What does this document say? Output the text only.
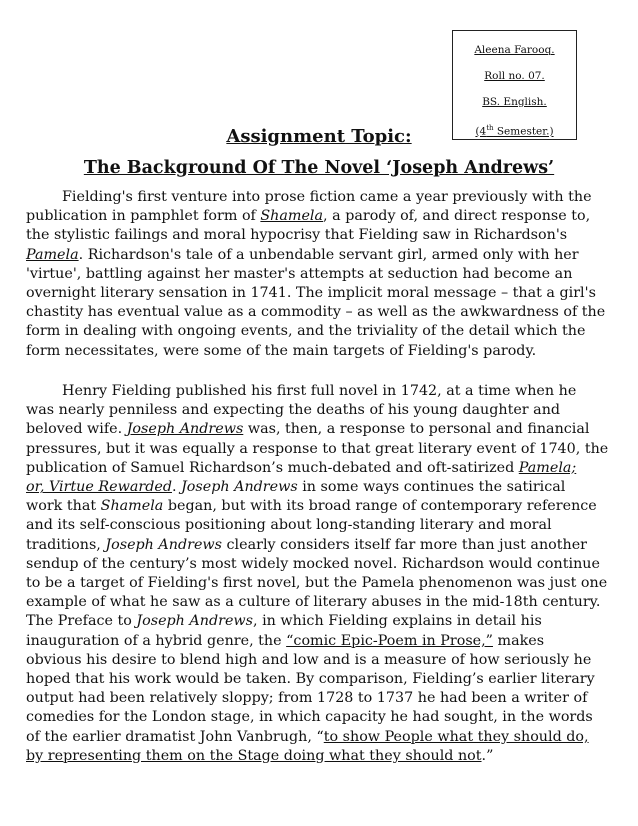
Aleena Farooq.
Roll no. 07.
BS. English.
(4th Semester.)
Assignment Topic:
The Background Of The Novel ‘Joseph Andrews’
Fielding's first venture into prose fiction came a year previously with the
publication in pamphlet form of Shamela, a parody of, and direct response to,
the stylistic failings and moral hypocrisy that Fielding saw in Richardson's
Pamela. Richardson's tale of a unbendable servant girl, armed only with her
'virtue', battling against her master's attempts at seduction had become an
overnight literary sensation in 1741. The implicit moral message – that a girl's
chastity has eventual value as a commodity – as well as the awkwardness of the
form in dealing with ongoing events, and the triviality of the detail which the
form necessitates, were some of the main targets of Fielding's parody.
Henry Fielding published his first full novel in 1742, at a time when he
was nearly penniless and expecting the deaths of his young daughter and
beloved wife. Joseph Andrews was, then, a response to personal and financial
pressures, but it was equally a response to that great literary event of 1740, the
publication of Samuel Richardson’s much-debated and oft-satirized Pamela;
or, Virtue Rewarded. Joseph Andrews in some ways continues the satirical
work that Shamela began, but with its broad range of contemporary reference
and its self-conscious positioning about long-standing literary and moral
traditions, Joseph Andrews clearly considers itself far more than just another
sendup of the century’s most widely mocked novel. Richardson would continue
to be a target of Fielding's first novel, but the Pamela phenomenon was just one
example of what he saw as a culture of literary abuses in the mid-18th century.
The Preface to Joseph Andrews, in which Fielding explains in detail his
inauguration of a hybrid genre, the “comic Epic-Poem in Prose,” makes
obvious his desire to blend high and low and is a measure of how seriously he
hoped that his work would be taken. By comparison, Fielding’s earlier literary
output had been relatively sloppy; from 1728 to 1737 he had been a writer of
comedies for the London stage, in which capacity he had sought, in the words
of the earlier dramatist John Vanbrugh, “to show People what they should do,
by representing them on the Stage doing what they should not.”
